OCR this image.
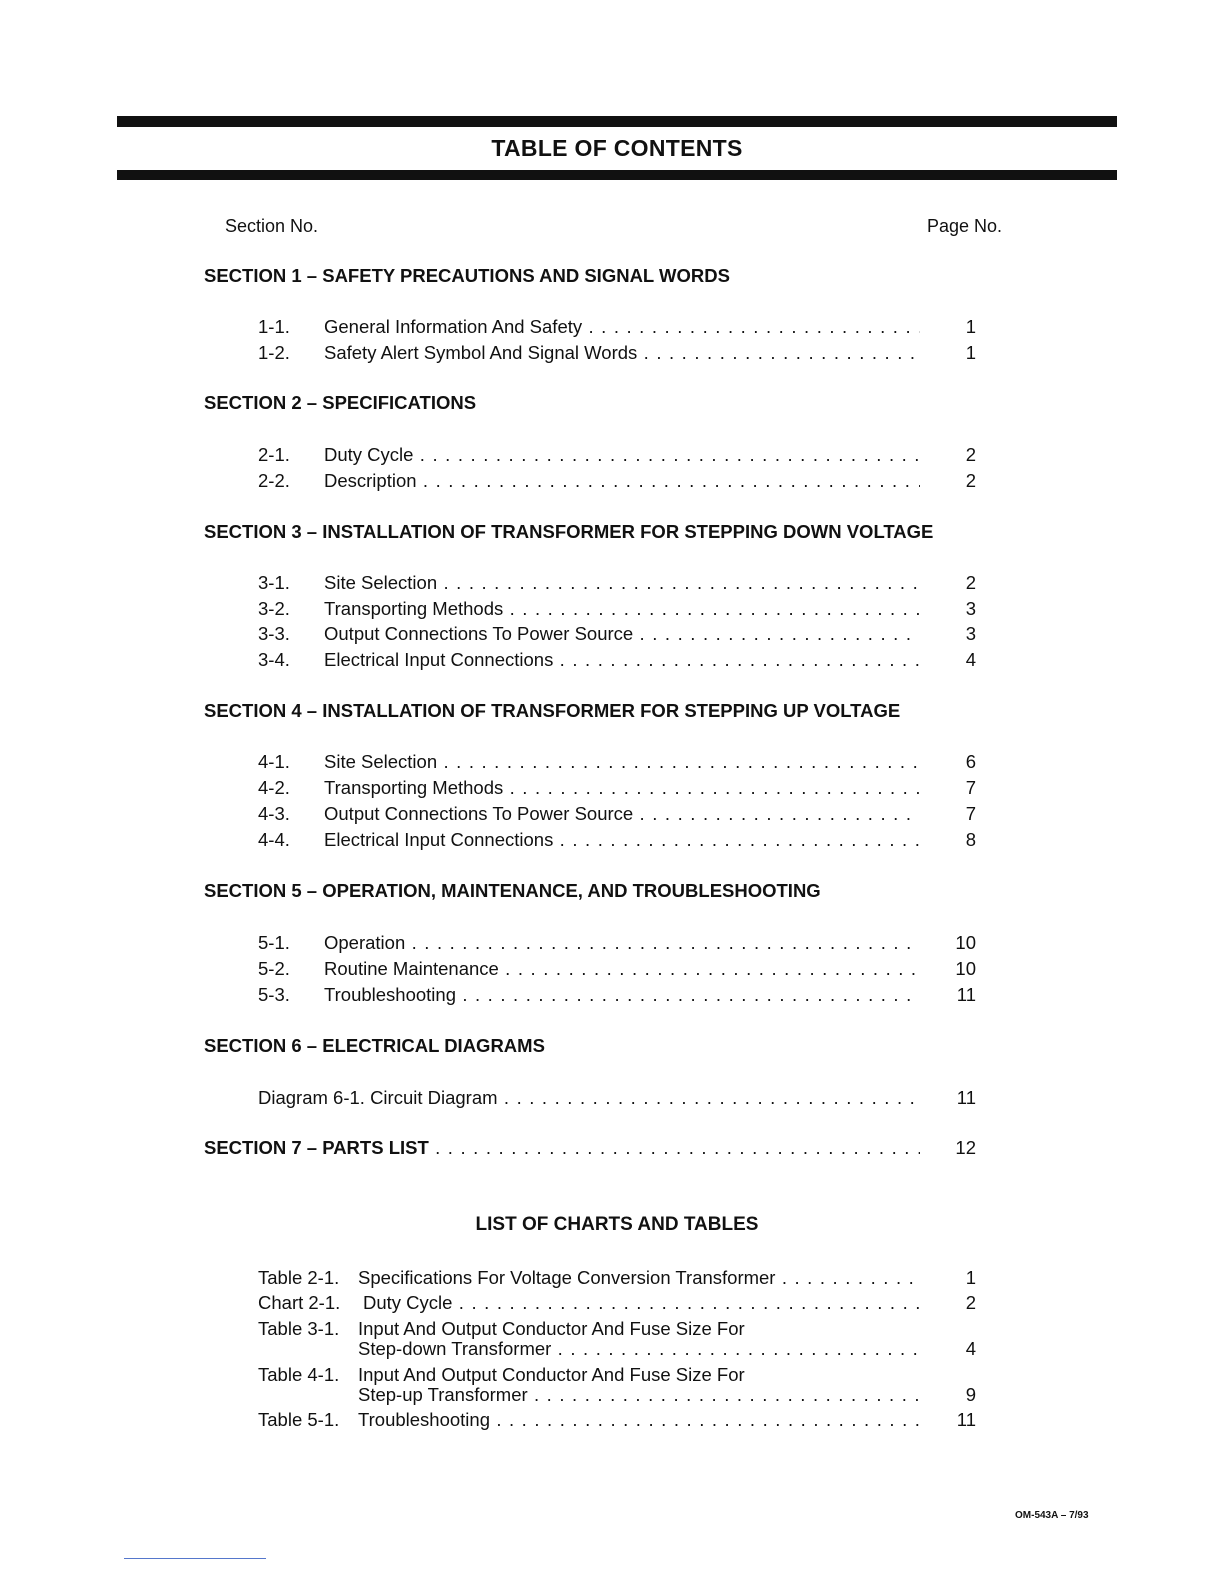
TABLE OF CONTENTS
Section No.	Page No.
SECTION 1 – SAFETY PRECAUTIONS AND SIGNAL WORDS
1-1. General Information And Safety . . .	1
1-2. Safety Alert Symbol And Signal Words . . .	1
SECTION 2 – SPECIFICATIONS
2-1. Duty Cycle . . .	2
2-2. Description . . .	2
SECTION 3 – INSTALLATION OF TRANSFORMER FOR STEPPING DOWN VOLTAGE
3-1. Site Selection . . .	2
3-2. Transporting Methods . . .	3
3-3. Output Connections To Power Source . . .	3
3-4. Electrical Input Connections . . .	4
SECTION 4 – INSTALLATION OF TRANSFORMER FOR STEPPING UP VOLTAGE
4-1. Site Selection . . .	6
4-2. Transporting Methods . . .	7
4-3. Output Connections To Power Source . . .	7
4-4. Electrical Input Connections . . .	8
SECTION 5 – OPERATION, MAINTENANCE, AND TROUBLESHOOTING
5-1. Operation . . .	10
5-2. Routine Maintenance . . .	10
5-3. Troubleshooting . . .	11
SECTION 6 – ELECTRICAL DIAGRAMS
Diagram 6-1. Circuit Diagram . . .	11
SECTION 7 – PARTS LIST . . .	12
LIST OF CHARTS AND TABLES
Table 2-1. Specifications For Voltage Conversion Transformer . . .	1
Chart 2-1. Duty Cycle . . .	2
Table 3-1. Input And Output Conductor And Fuse Size For
Step-down Transformer . . .	4
Table 4-1. Input And Output Conductor And Fuse Size For
Step-up Transformer . . .	9
Table 5-1. Troubleshooting . . .	11
OM-543A – 7/93
